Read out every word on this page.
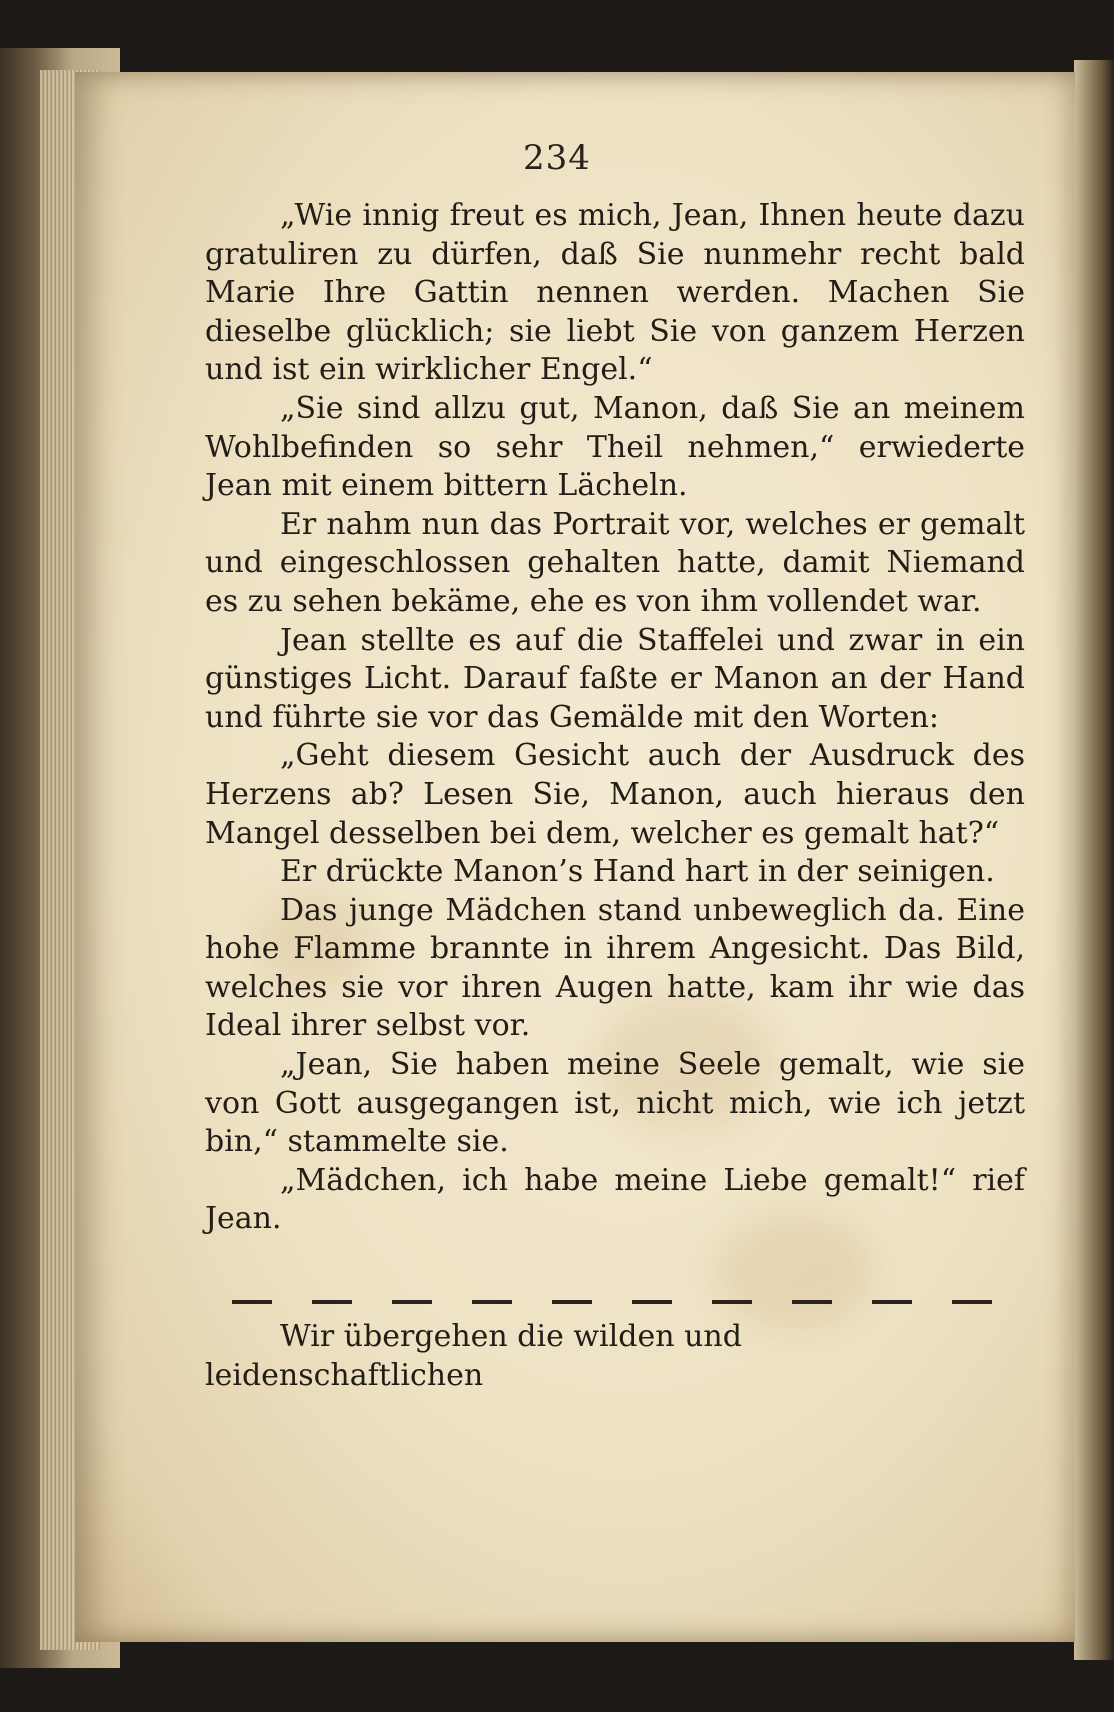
234

„Wie innig freut es mich, Jean, Ihnen heute dazu gratuliren zu dürfen, daß Sie nunmehr recht bald Marie Ihre Gattin nennen werden. Machen Sie dieselbe glücklich; sie liebt Sie von ganzem Herzen und ist ein wirklicher Engel.“

„Sie sind allzu gut, Manon, daß Sie an meinem Wohlbefinden so sehr Theil nehmen,“ erwiederte Jean mit einem bittern Lächeln.

Er nahm nun das Portrait vor, welches er gemalt und eingeschlossen gehalten hatte, damit Niemand es zu sehen bekäme, ehe es von ihm vollendet war.

Jean stellte es auf die Staffelei und zwar in ein günstiges Licht. Darauf faßte er Manon an der Hand und führte sie vor das Gemälde mit den Worten:

„Geht diesem Gesicht auch der Ausdruck des Herzens ab? Lesen Sie, Manon, auch hieraus den Mangel desselben bei dem, welcher es gemalt hat?“

Er drückte Manon’s Hand hart in der seinigen.

Das junge Mädchen stand unbeweglich da. Eine hohe Flamme brannte in ihrem Angesicht. Das Bild, welches sie vor ihren Augen hatte, kam ihr wie das Ideal ihrer selbst vor.

„Jean, Sie haben meine Seele gemalt, wie sie von Gott ausgegangen ist, nicht mich, wie ich jetzt bin,“ stammelte sie.

„Mädchen, ich habe meine Liebe gemalt!“ rief Jean.

Wir übergehen die wilden und leidenschaftlichen
